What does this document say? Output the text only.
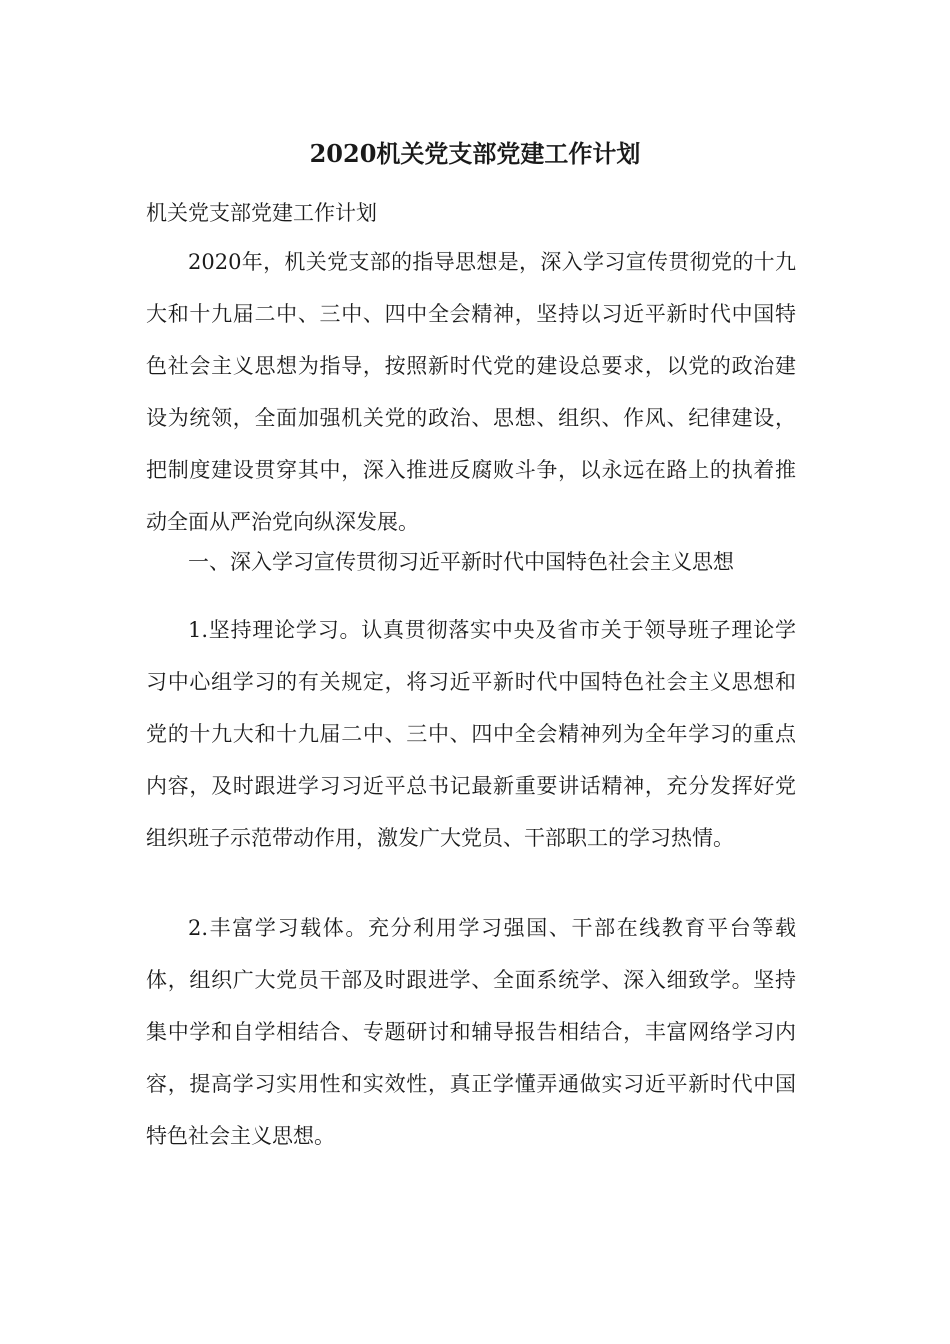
2020机关党支部党建工作计划
机关党支部党建工作计划

2020年，机关党支部的指导思想是，深入学习宣传贯彻党的十九大和十九届二中、三中、四中全会精神，坚持以习近平新时代中国特色社会主义思想为指导，按照新时代党的建设总要求，以党的政治建设为统领，全面加强机关党的政治、思想、组织、作风、纪律建设，把制度建设贯穿其中，深入推进反腐败斗争，以永远在路上的执着推动全面从严治党向纵深发展。

一、深入学习宣传贯彻习近平新时代中国特色社会主义思想

1.坚持理论学习。认真贯彻落实中央及省市关于领导班子理论学习中心组学习的有关规定，将习近平新时代中国特色社会主义思想和党的十九大和十九届二中、三中、四中全会精神列为全年学习的重点内容，及时跟进学习习近平总书记最新重要讲话精神，充分发挥好党组织班子示范带动作用，激发广大党员、干部职工的学习热情。

2.丰富学习载体。充分利用学习强国、干部在线教育平台等载体，组织广大党员干部及时跟进学、全面系统学、深入细致学。坚持集中学和自学相结合、专题研讨和辅导报告相结合，丰富网络学习内容，提高学习实用性和实效性，真正学懂弄通做实习近平新时代中国特色社会主义思想。
